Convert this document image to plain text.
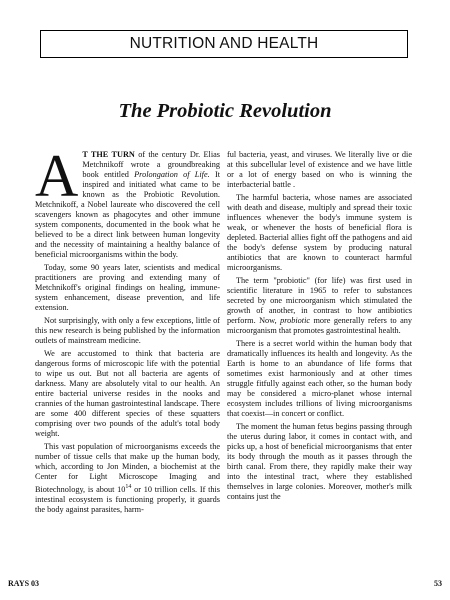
NUTRITION AND HEALTH
The Probiotic Revolution

A T THE TURN of the century Dr. Elias Metchnikoff wrote a groundbreaking book entitled Prolongation of Life. It inspired and initiated what came to be known as the Probiotic Revolution. Metchnikoff, a Nobel laureate who discovered the cell scavengers known as phagocytes and other immune system components, documented in the book what he believed to be a direct link between human longevity and the necessity of maintaining a healthy balance of beneficial microorganisms within the body.

Today, some 90 years later, scientists and medical practitioners are proving and extending many of Metchnikoff's original findings on healing, immune-system enhancement, disease prevention, and life extension.

Not surprisingly, with only a few exceptions, little of this new research is being published by the information outlets of mainstream medicine.

We are accustomed to think that bacteria are dangerous forms of microscopic life with the potential to wipe us out. But not all bacteria are agents of darkness. Many are absolutely vital to our health. An entire bacterial universe resides in the nooks and crannies of the human gastrointestinal landscape. There are some 400 different species of these squatters comprising over two pounds of the adult's total body weight.

This vast population of microorganisms exceeds the number of tissue cells that make up the human body, which, according to Jon Minden, a biochemist at the Center for Light Microscope Imaging and Biotechnology, is about $10^{14}$ or 10 trillion cells. If this intestinal ecosystem is functioning properly, it guards the body against parasites, harm-

ful bacteria, yeast, and viruses. We literally live or die at this subcellular level of existence and we have little or a lot of energy based on who is winning the interbacterial battle .

The harmful bacteria, whose names are associated with death and disease, multiply and spread their toxic influences whenever the body's immune system is weak, or whenever the hosts of beneficial flora is depleted. Bacterial allies fight off the pathogens and aid the body's defense system by producing natural antibiotics that are known to counteract harmful microorganisms.

The term "probiotic" (for life) was first used in scientific literature in 1965 to refer to substances secreted by one microorganism which stimulated the growth of another, in contrast to how antibiotics perform. Now, probiotic more generally refers to any microorganism that promotes gastrointestinal health.

There is a secret world within the human body that dramatically influences its health and longevity. As the Earth is home to an abundance of life forms that sometimes exist harmoniously and at other times struggle fitfully against each other, so the human body may be considered a micro-planet whose internal ecosystem includes trillions of living microorganisms that coexist—in concert or conflict.

The moment the human fetus begins passing through the uterus during labor, it comes in contact with, and picks up, a host of beneficial microorganisms that enter its body through the mouth as it passes through the birth canal. From there, they rapidly make their way into the intestinal tract, where they established themselves in large colonies. Moreover, mother's milk contains just the

RAYS 03	53
